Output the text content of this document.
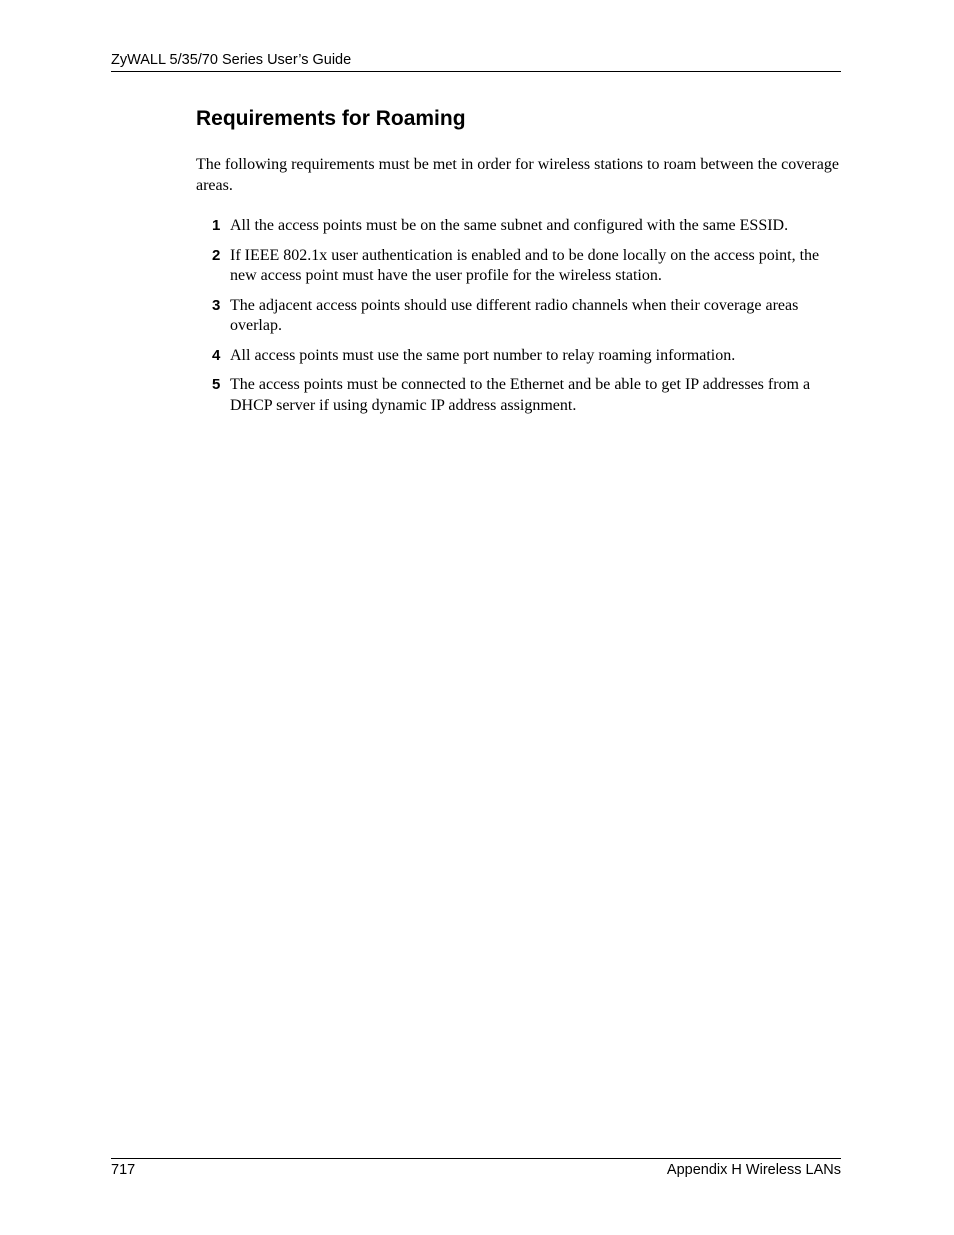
ZyWALL 5/35/70 Series User’s Guide
Requirements for Roaming

The following requirements must be met in order for wireless stations to roam between the coverage areas.

1 All the access points must be on the same subnet and configured with the same ESSID.
2 If IEEE 802.1x user authentication is enabled and to be done locally on the access point, the new access point must have the user profile for the wireless station.
3 The adjacent access points should use different radio channels when their coverage areas overlap.
4 All access points must use the same port number to relay roaming information.
5 The access points must be connected to the Ethernet and be able to get IP addresses from a DHCP server if using dynamic IP address assignment.
717	Appendix H Wireless LANs
